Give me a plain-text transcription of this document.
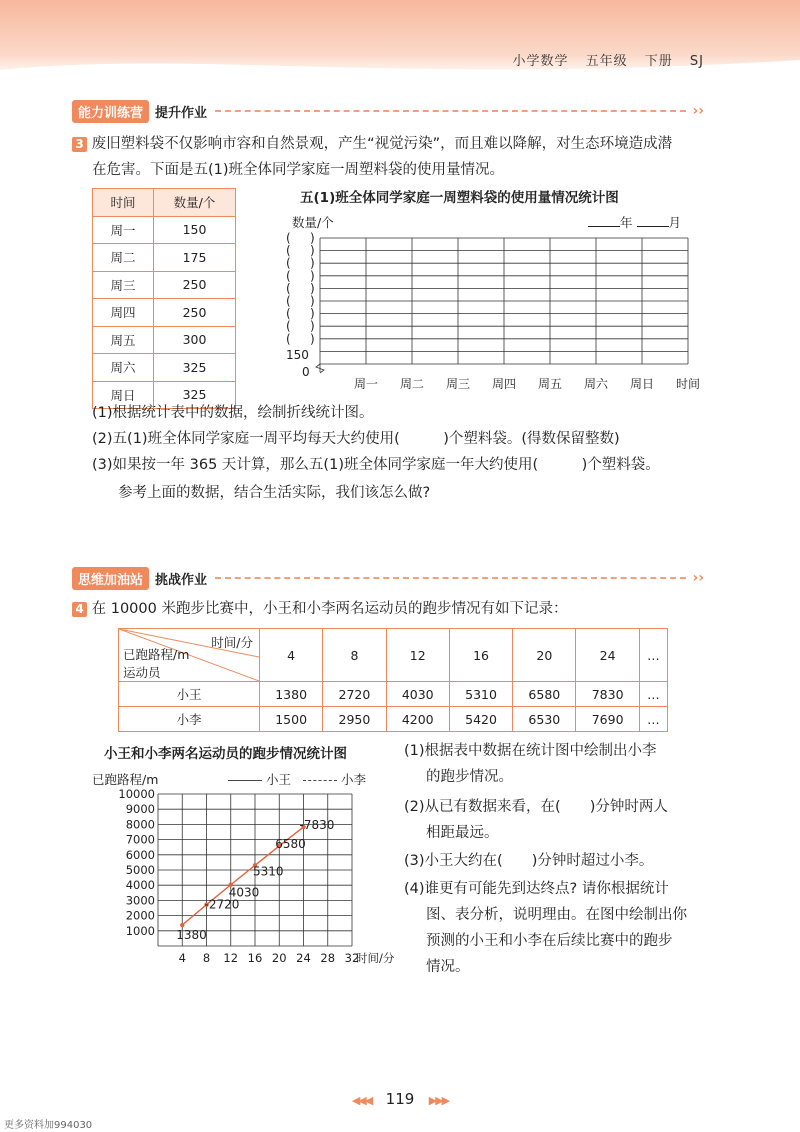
小学数学 五年级 下册 SJ
能力训练营 提升作业	››
3 废旧塑料袋不仅影响市容和自然景观，产生“视觉污染”，而且难以降解，对生态环境造成潜
在危害。下面是五(1)班全体同学家庭一周塑料袋的使用量情况。
时间	数量/个
周一	150
周二	175
周三	250
周四	250
周五	300
周六	325
周日	325
五(1)班全体同学家庭一周塑料袋的使用量情况统计图
数量/个	年	月
( )
( )
( )
( )
( )
( )
( )
( )
( )
150
0
周一 周二 周三 周四 周五 周六 周日 时间
(1)根据统计表中的数据，绘制折线统计图。
(2)五(1)班全体同学家庭一周平均每天大约使用(　　　)个塑料袋。(得数保留整数)
(3)如果按一年 365 天计算，那么五(1)班全体同学家庭一年大约使用(　　　)个塑料袋。
参考上面的数据，结合生活实际，我们该怎么做?
思维加油站 挑战作业	››
4 在 10000 米跑步比赛中，小王和小李两名运动员的跑步情况有如下记录：
时间/分
已跑路程/m
运动员	4	8	12	16	20	24	…
小王	1380	2720	4030	5310	6580	7830	…
小李	1500	2950	4200	5420	6530	7690	…
小王和小李两名运动员的跑步情况统计图
已跑路程/m	小王	小李
1000
2000
3000
4000
5000
6000
7000
8000
9000
10000
4 8 12 16 20 24 28 32
时间/分
1380
-2720
4030
5310
6580
-7830
(1)根据表中数据在统计图中绘制出小李
的跑步情况。
(2)从已有数据来看，在(　　)分钟时两人
相距最远。
(3)小王大约在(　　)分钟时超过小李。
(4)谁更有可能先到达终点? 请你根据统计
图、表分析，说明理由。在图中绘制出你
预测的小王和小李在后续比赛中的跑步
情况。
◀◀◀ 119 ▶▶▶
更多资料加994030
